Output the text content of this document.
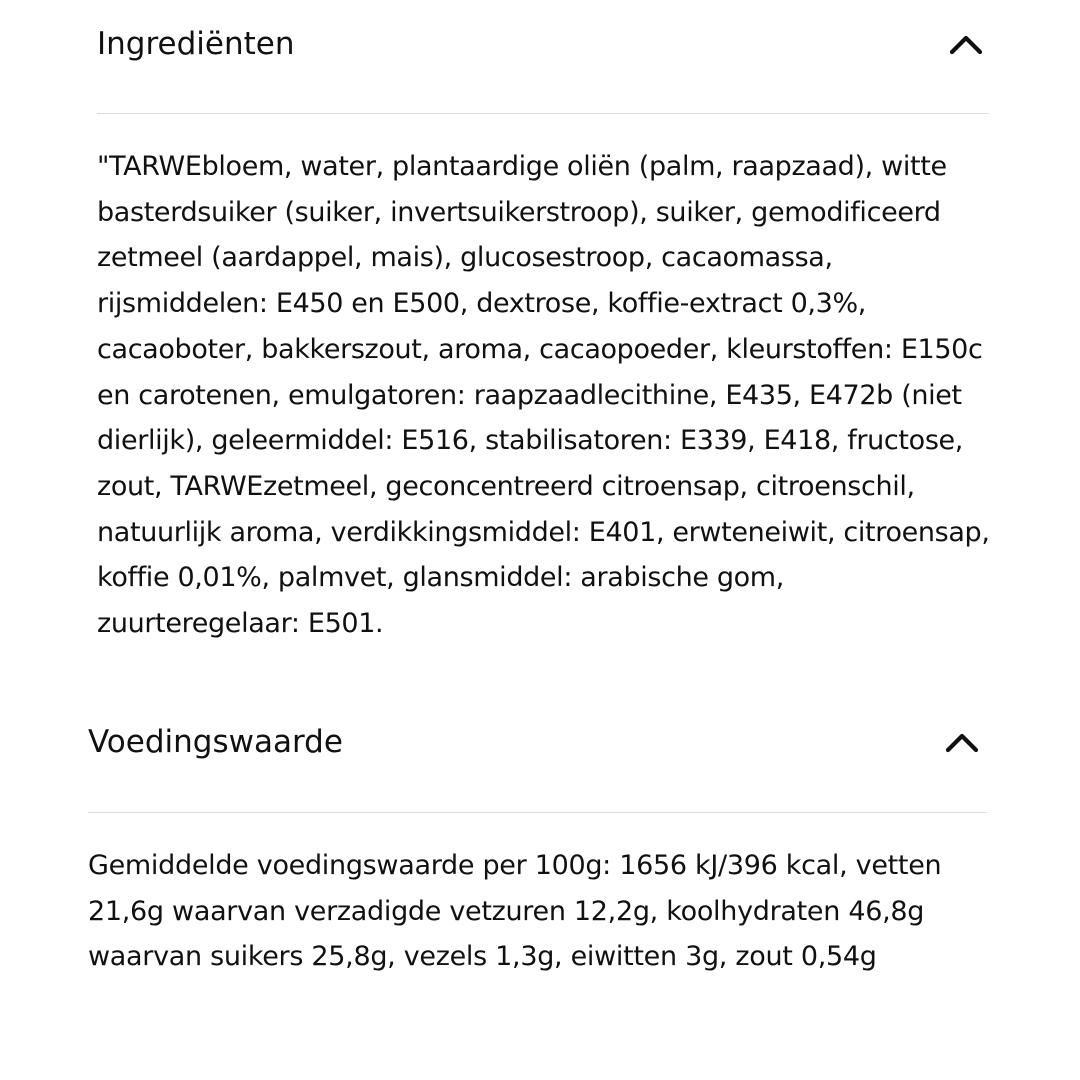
Ingrediënten

"TARWEbloem, water, plantaardige oliën (palm, raapzaad), witte basterdsuiker (suiker, invertsuikerstroop), suiker, gemodificeerd zetmeel (aardappel, mais), glucosestroop, cacaomassa, rijsmiddelen: E450 en E500, dextrose, koffie-extract 0,3%, cacaoboter, bakkerszout, aroma, cacaopoeder, kleurstoffen: E150c en carotenen, emulgatoren: raapzaadlecithine, E435, E472b (niet dierlijk), geleermiddel: E516, stabilisatoren: E339, E418, fructose, zout, TARWEzetmeel, geconcentreerd citroensap, citroenschil, natuurlijk aroma, verdikkingsmiddel: E401, erwteneiwit, citroensap, koffie 0,01%, palmvet, glansmiddel: arabische gom, zuurteregelaar: E501.

Voedingswaarde

Gemiddelde voedingswaarde per 100g: 1656 kJ/396 kcal, vetten 21,6g waarvan verzadigde vetzuren 12,2g, koolhydraten 46,8g waarvan suikers 25,8g, vezels 1,3g, eiwitten 3g, zout 0,54g
